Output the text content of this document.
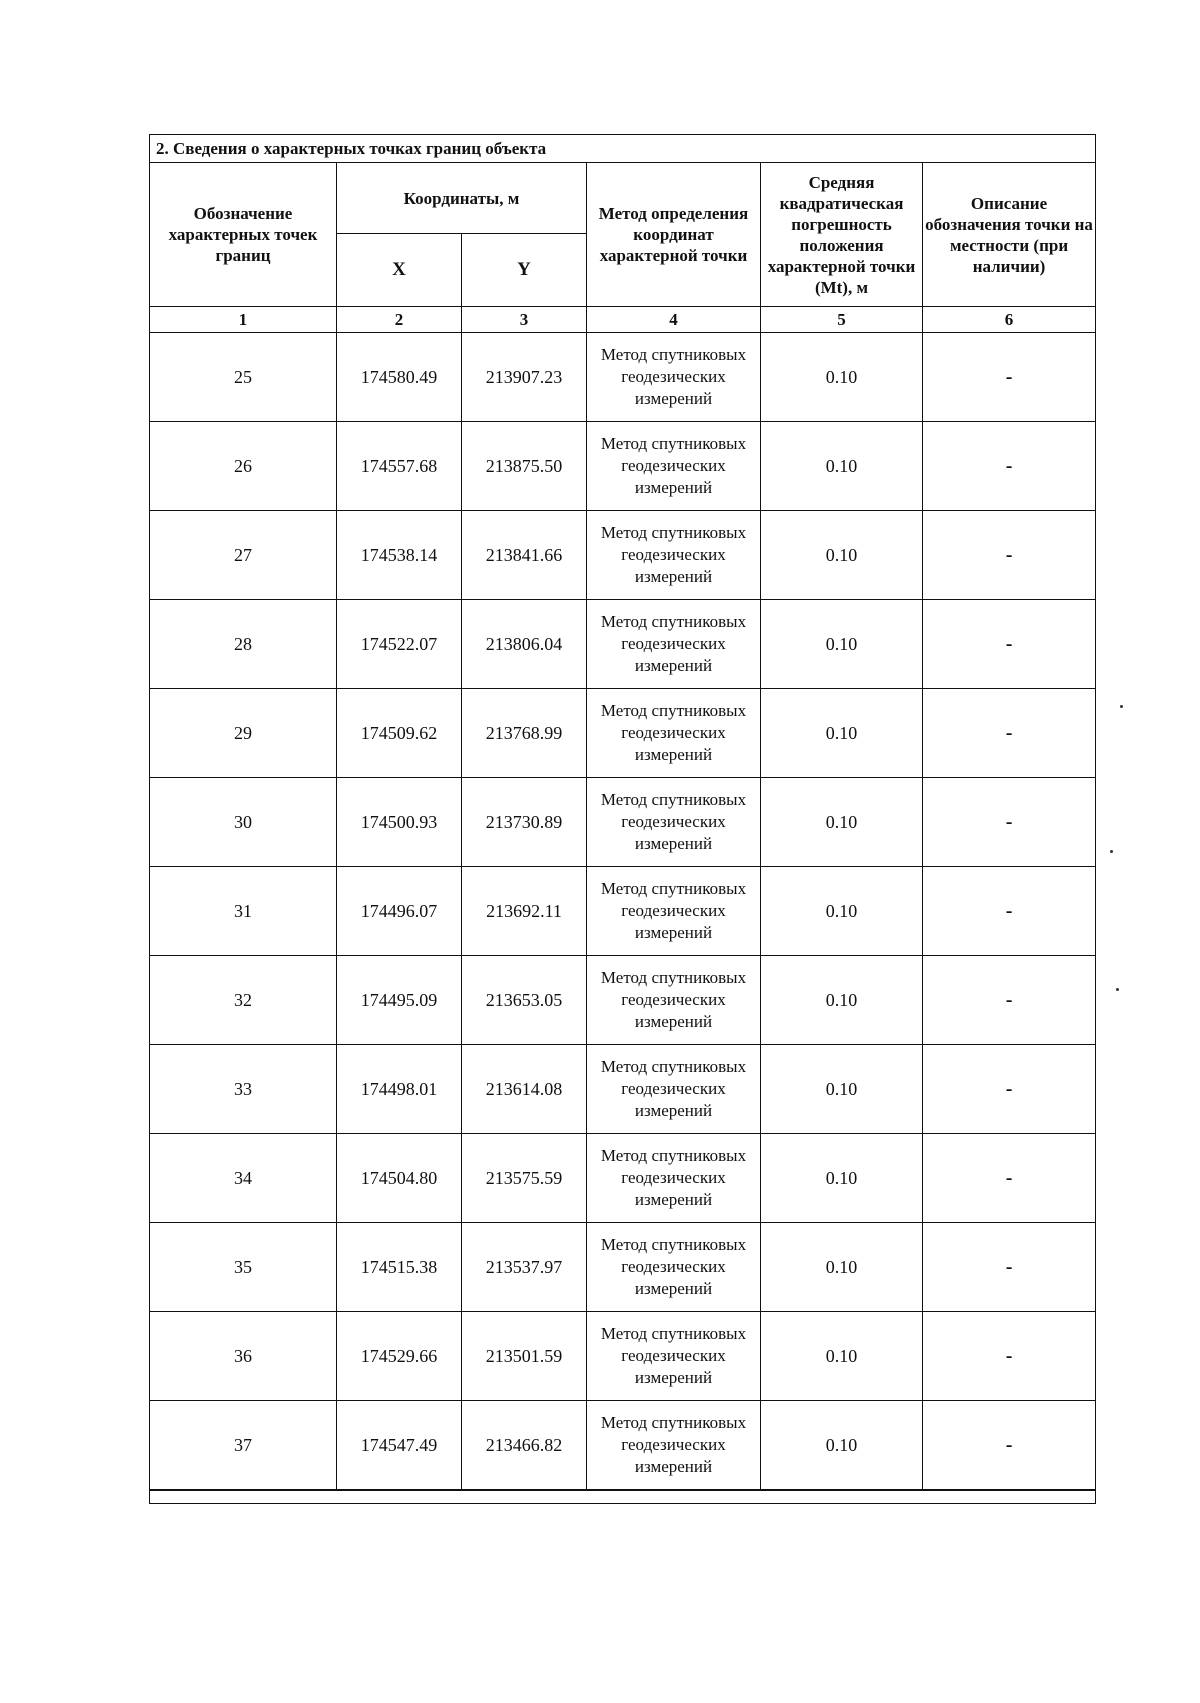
2. Сведения о характерных точках границ объекта					
Обозначение характерных точек границ	Координаты, м		Метод определения координат характерной точки	Средняя квадратическая погрешность положения характерной точки (Mt), м	Описание обозначения точки на местности (при наличии)
	X	Y			
1	2	3	4	5	6
25	174580.49	213907.23	Метод спутниковых геодезических измерений	0.10	-
26	174557.68	213875.50	Метод спутниковых геодезических измерений	0.10	-
27	174538.14	213841.66	Метод спутниковых геодезических измерений	0.10	-
28	174522.07	213806.04	Метод спутниковых геодезических измерений	0.10	-
29	174509.62	213768.99	Метод спутниковых геодезических измерений	0.10	-
30	174500.93	213730.89	Метод спутниковых геодезических измерений	0.10	-
31	174496.07	213692.11	Метод спутниковых геодезических измерений	0.10	-
32	174495.09	213653.05	Метод спутниковых геодезических измерений	0.10	-
33	174498.01	213614.08	Метод спутниковых геодезических измерений	0.10	-
34	174504.80	213575.59	Метод спутниковых геодезических измерений	0.10	-
35	174515.38	213537.97	Метод спутниковых геодезических измерений	0.10	-
36	174529.66	213501.59	Метод спутниковых геодезических измерений	0.10	-
37	174547.49	213466.82	Метод спутниковых геодезических измерений	0.10	-
